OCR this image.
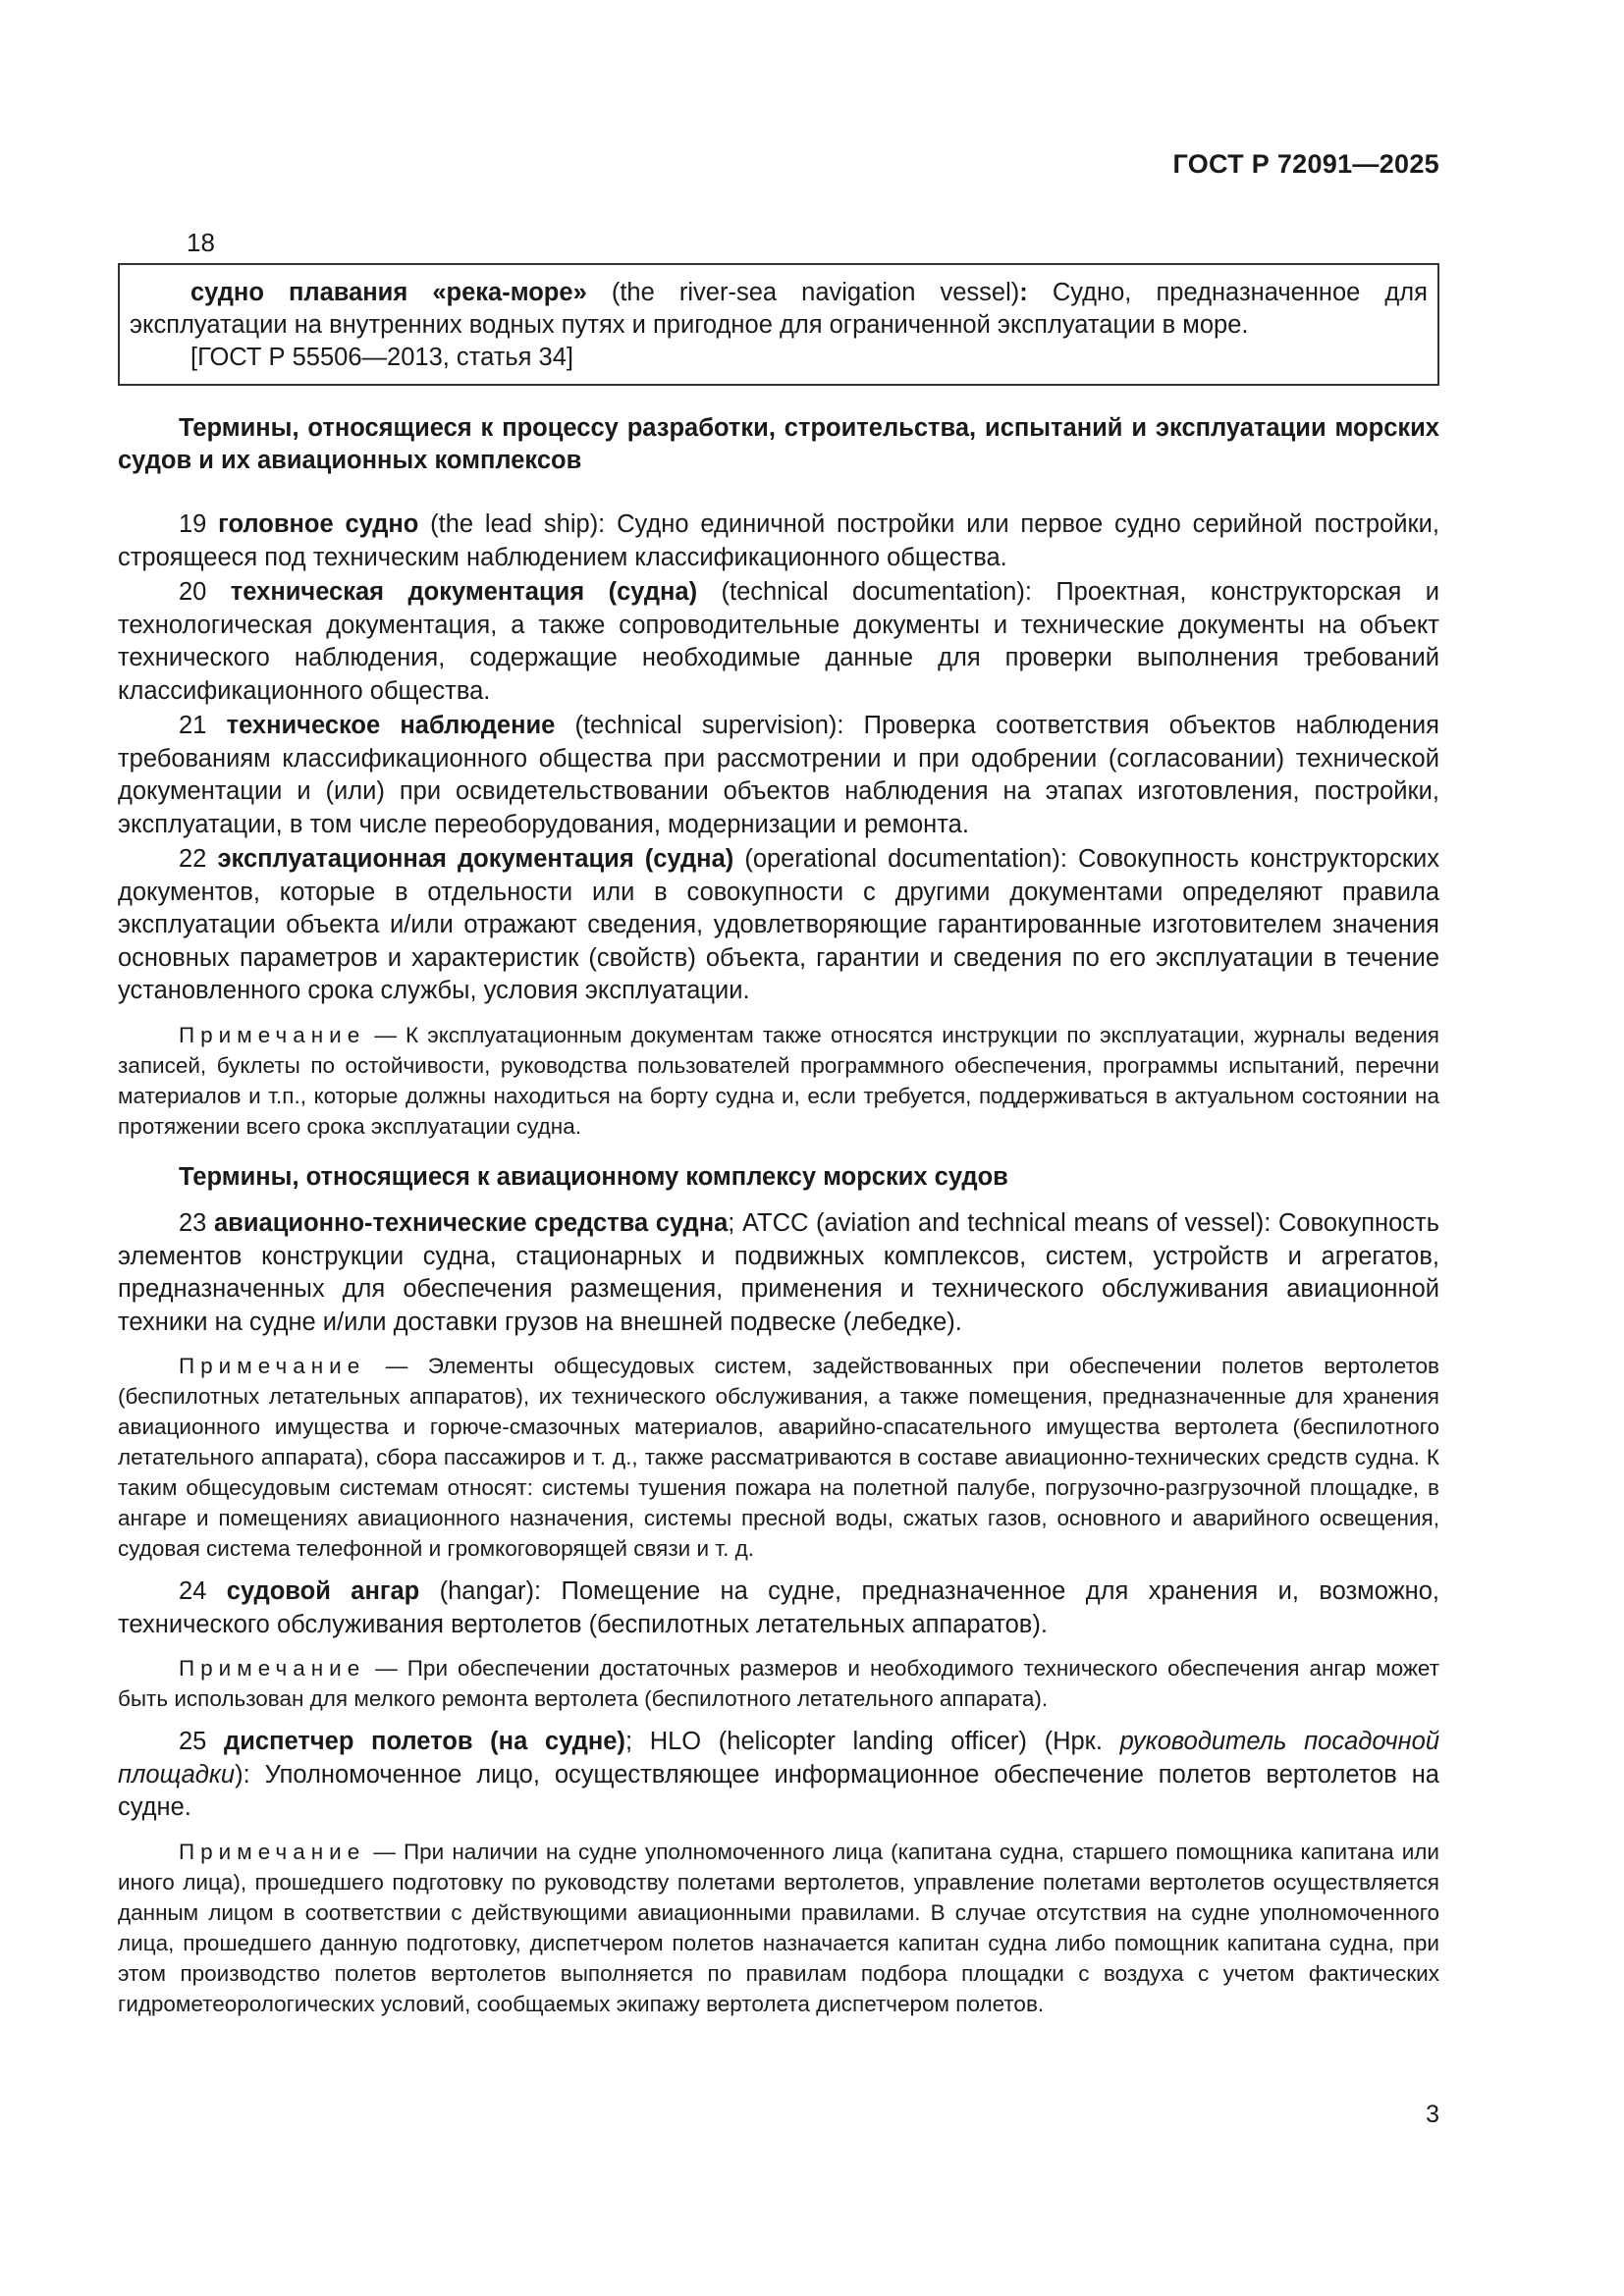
ГОСТ Р 72091—2025
18

судно плавания «река-море» (the river-sea navigation vessel): Судно, предназначенное для эксплуатации на внутренних водных путях и пригодное для ограниченной эксплуатации в море.

[ГОСТ Р 55506—2013, статья 34]

Термины, относящиеся к процессу разработки, строительства, испытаний и эксплуатации морских судов и их авиационных комплексов

19 головное судно (the lead ship): Судно единичной постройки или первое судно серийной постройки, строящееся под техническим наблюдением классификационного общества.

20 техническая документация (судна) (technical documentation): Проектная, конструкторская и технологическая документация, а также сопроводительные документы и технические документы на объект технического наблюдения, содержащие необходимые данные для проверки выполнения требований классификационного общества.

21 техническое наблюдение (technical supervision): Проверка соответствия объектов наблюдения требованиям классификационного общества при рассмотрении и при одобрении (согласовании) технической документации и (или) при освидетельствовании объектов наблюдения на этапах изготовления, постройки, эксплуатации, в том числе переоборудования, модернизации и ремонта.

22 эксплуатационная документация (судна) (operational documentation): Совокупность конструкторских документов, которые в отдельности или в совокупности с другими документами определяют правила эксплуатации объекта и/или отражают сведения, удовлетворяющие гарантированные изготовителем значения основных параметров и характеристик (свойств) объекта, гарантии и сведения по его эксплуатации в течение установленного срока службы, условия эксплуатации.

Примечание — К эксплуатационным документам также относятся инструкции по эксплуатации, журналы ведения записей, буклеты по остойчивости, руководства пользователей программного обеспечения, программы испытаний, перечни материалов и т.п., которые должны находиться на борту судна и, если требуется, поддерживаться в актуальном состоянии на протяжении всего срока эксплуатации судна.

Термины, относящиеся к авиационному комплексу морских судов

23 авиационно-технические средства судна; АТСС (aviation and technical means of vessel): Совокупность элементов конструкции судна, стационарных и подвижных комплексов, систем, устройств и агрегатов, предназначенных для обеспечения размещения, применения и технического обслуживания авиационной техники на судне и/или доставки грузов на внешней подвеске (лебедке).

Примечание — Элементы общесудовых систем, задействованных при обеспечении полетов вертолетов (беспилотных летательных аппаратов), их технического обслуживания, а также помещения, предназначенные для хранения авиационного имущества и горюче-смазочных материалов, аварийно-спасательного имущества вертолета (беспилотного летательного аппарата), сбора пассажиров и т. д., также рассматриваются в составе авиационно-технических средств судна. К таким общесудовым системам относят: системы тушения пожара на полетной палубе, погрузочно-разгрузочной площадке, в ангаре и помещениях авиационного назначения, системы пресной воды, сжатых газов, основного и аварийного освещения, судовая система телефонной и громкоговорящей связи и т. д.

24 судовой ангар (hangar): Помещение на судне, предназначенное для хранения и, возможно, технического обслуживания вертолетов (беспилотных летательных аппаратов).

Примечание — При обеспечении достаточных размеров и необходимого технического обеспечения ангар может быть использован для мелкого ремонта вертолета (беспилотного летательного аппарата).

25 диспетчер полетов (на судне); HLO (helicopter landing officer) (Нрк. руководитель посадочной площадки): Уполномоченное лицо, осуществляющее информационное обеспечение полетов вертолетов на судне.

Примечание — При наличии на судне уполномоченного лица (капитана судна, старшего помощника капитана или иного лица), прошедшего подготовку по руководству полетами вертолетов, управление полетами вертолетов осуществляется данным лицом в соответствии с действующими авиационными правилами. В случае отсутствия на судне уполномоченного лица, прошедшего данную подготовку, диспетчером полетов назначается капитан судна либо помощник капитана судна, при этом производство полетов вертолетов выполняется по правилам подбора площадки с воздуха с учетом фактических гидрометеорологических условий, сообщаемых экипажу вертолета диспетчером полетов.

3
